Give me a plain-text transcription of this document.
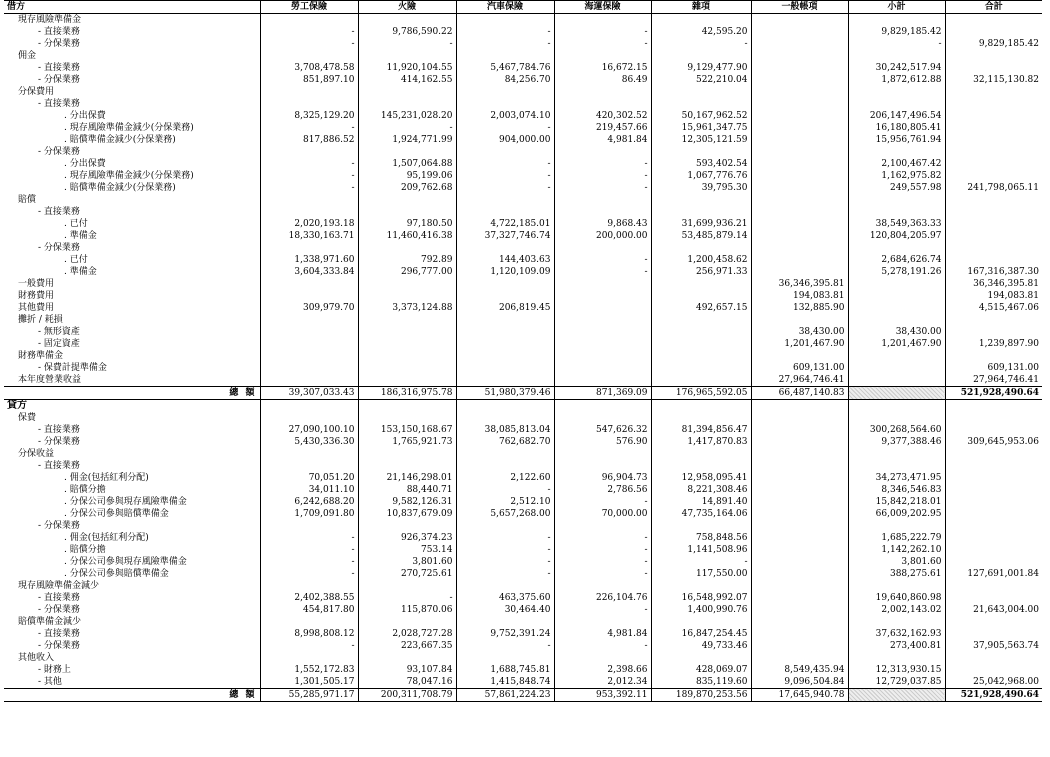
借方	勞工保險	火險	汽車保險	海運保險	雜項	一般帳項	小計	合計
現存風險準備金								
- 直接業務	-	9,786,590.22	-	-	42,595.20		9,829,185.42	
- 分保業務	-	-	-	-	-		-	9,829,185.42
佣金								
- 直接業務	3,708,478.58	11,920,104.55	5,467,784.76	16,672.15	9,129,477.90		30,242,517.94	
- 分保業務	851,897.10	414,162.55	84,256.70	86.49	522,210.04		1,872,612.88	32,115,130.82
分保費用								
- 直接業務								
. 分出保費	8,325,129.20	145,231,028.20	2,003,074.10	420,302.52	50,167,962.52		206,147,496.54	
. 現存風險準備金減少(分保業務)	-	-	-	219,457.66	15,961,347.75		16,180,805.41	
. 賠償準備金減少(分保業務)	817,886.52	1,924,771.99	904,000.00	4,981.84	12,305,121.59		15,956,761.94	
- 分保業務								
. 分出保費	-	1,507,064.88	-	-	593,402.54		2,100,467.42	
. 現存風險準備金減少(分保業務)	-	95,199.06	-	-	1,067,776.76		1,162,975.82	
. 賠償準備金減少(分保業務)	-	209,762.68	-	-	39,795.30		249,557.98	241,798,065.11
賠償								
- 直接業務								
. 已付	2,020,193.18	97,180.50	4,722,185.01	9,868.43	31,699,936.21		38,549,363.33	
. 準備金	18,330,163.71	11,460,416.38	37,327,746.74	200,000.00	53,485,879.14		120,804,205.97	
- 分保業務								
. 已付	1,338,971.60	792.89	144,403.63	-	1,200,458.62		2,684,626.74	
. 準備金	3,604,333.84	296,777.00	1,120,109.09	-	256,971.33		5,278,191.26	167,316,387.30
一般費用						36,346,395.81		36,346,395.81
財務費用						194,083.81		194,083.81
其他費用	309,979.70	3,373,124.88	206,819.45		492,657.15	132,885.90		4,515,467.06
攤折 / 耗損								
- 無形資產						38,430.00	38,430.00	
- 固定資產						1,201,467.90	1,201,467.90	1,239,897.90
財務準備金								
- 保費計提準備金						609,131.00		609,131.00
本年度營業收益						27,964,746.41		27,964,746.41
總 額	39,307,033.43	186,316,975.78	51,980,379.46	871,369.09	176,965,592.05	66,487,140.83		521,928,490.64
貸方								
保費								
- 直接業務	27,090,100.10	153,150,168.67	38,085,813.04	547,626.32	81,394,856.47		300,268,564.60	
- 分保業務	5,430,336.30	1,765,921.73	762,682.70	576.90	1,417,870.83		9,377,388.46	309,645,953.06
分保收益								
- 直接業務								
. 佣金(包括紅利分配)	70,051.20	21,146,298.01	2,122.60	96,904.73	12,958,095.41		34,273,471.95	
. 賠償分擔	34,011.10	88,440.71	-	2,786.56	8,221,308.46		8,346,546.83	
. 分保公司參與現存風險準備金	6,242,688.20	9,582,126.31	2,512.10	-	14,891.40		15,842,218.01	
. 分保公司參與賠償準備金	1,709,091.80	10,837,679.09	5,657,268.00	70,000.00	47,735,164.06		66,009,202.95	
- 分保業務								
. 佣金(包括紅利分配)	-	926,374.23	-	-	758,848.56		1,685,222.79	
. 賠償分擔	-	753.14	-	-	1,141,508.96		1,142,262.10	
. 分保公司參與現存風險準備金	-	3,801.60	-	-	-		3,801.60	
. 分保公司參與賠償準備金	-	270,725.61	-	-	117,550.00		388,275.61	127,691,001.84
現存風險準備金減少								
- 直接業務	2,402,388.55	-	463,375.60	226,104.76	16,548,992.07		19,640,860.98	
- 分保業務	454,817.80	115,870.06	30,464.40	-	1,400,990.76		2,002,143.02	21,643,004.00
賠償準備金減少								
- 直接業務	8,998,808.12	2,028,727.28	9,752,391.24	4,981.84	16,847,254.45		37,632,162.93	
- 分保業務	-	223,667.35	-	-	49,733.46		273,400.81	37,905,563.74
其他收入								
- 財務上	1,552,172.83	93,107.84	1,688,745.81	2,398.66	428,069.07	8,549,435.94	12,313,930.15	
- 其他	1,301,505.17	78,047.16	1,415,848.74	2,012.34	835,119.60	9,096,504.84	12,729,037.85	25,042,968.00
總 額	55,285,971.17	200,311,708.79	57,861,224.23	953,392.11	189,870,253.56	17,645,940.78		521,928,490.64
